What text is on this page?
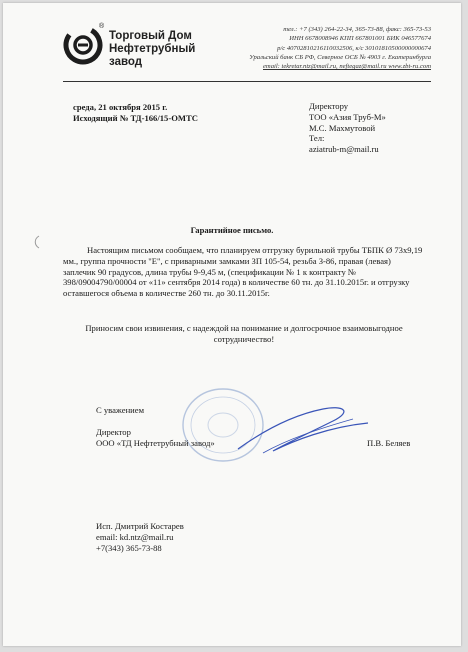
®
Торговый Дом
Нефтетрубный
завод
тел.: +7 (343) 264-22-34, 365-73-88, факс: 365-73-53
ИНН 6678008946 КПП 667801001 БИК 046577674
р/с 40702810216110032506, к/с 30101810500000000674
Уральский банк СБ РФ, Северное ОСБ № 4903 г. Екатеринбурга
email: tekretar.ntz@mail.ru, neftegaz@mail.ru www.zbt-ru.com
среда, 21 октября 2015 г.
Исходящий № ТД-166/15-ОМТС
Директору
ТОО «Азия Труб-М»
М.С. Махмутовой
Тел:
aziatrub-m@mail.ru
Гарантийное письмо.

Настоящим письмом сообщаем, что планируем отгрузку бурильной трубы ТБПК Ø 73х9,19 мм., группа прочности "Е", с приварными замками ЗП 105-54, резьба З-86, правая (левая) заплечик 90 градусов, длина трубы 9-9,45 м, (спецификации № 1 к контракту № 398/09004790/00004 от «11» сентября 2014 года) в количестве 60 тн. до 31.10.2015г. и отгрузку оставшегося объема в количестве 260 тн. до 30.11.2015г.

Приносим свои извинения, с надеждой на понимание и долгосрочное взаимовыгодное сотрудничество!
С уважением
Директор
ООО «ТД Нефтетрубный завод»	П.В. Беляев
Исп. Дмитрий Костарев
email: kd.ntz@mail.ru
+7(343) 365-73-88
